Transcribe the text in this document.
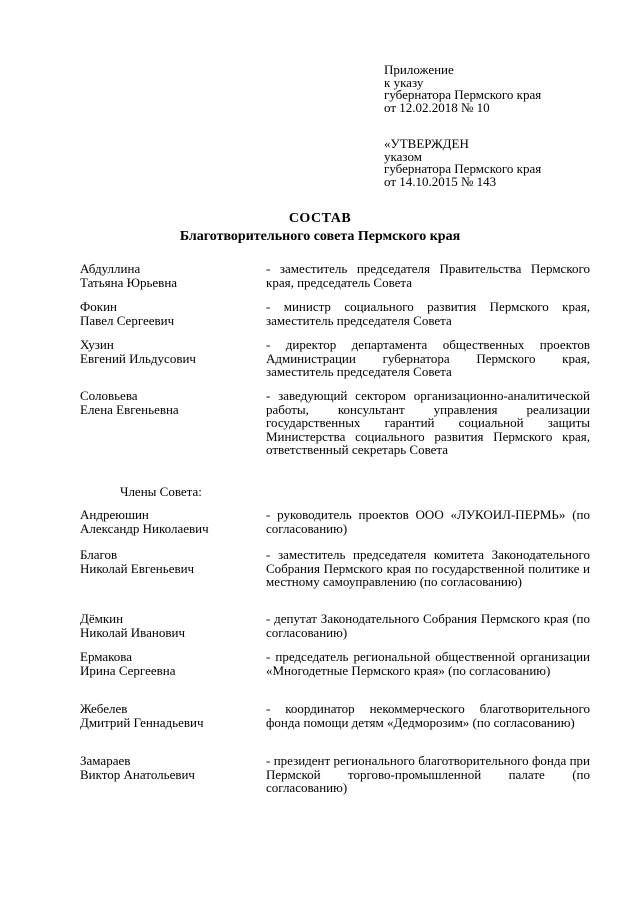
Приложение
к указу
губернатора Пермского края
от 12.02.2018 № 10
«УТВЕРЖДЕН
указом
губернатора Пермского края
от 14.10.2015 № 143
СОСТАВ
Благотворительного совета Пермского края
Абдуллина
Татьяна Юрьевна
- заместитель председателя Правительства Пермского края, председатель Совета
Фокин
Павел Сергеевич
- министр социального развития Пермского края, заместитель председателя Совета
Хузин
Евгений Ильдусович
- директор департамента общественных проектов Администрации губернатора Пермского края, заместитель председателя Совета
Соловьева
Елена Евгеньевна
- заведующий сектором организационно-аналитической работы, консультант управления реализации государственных гарантий социальной защиты Министерства социального развития Пермского края, ответственный секретарь Совета
Члены Совета:
Андреюшин
Александр Николаевич
- руководитель проектов ООО «ЛУКОИЛ-ПЕРМЬ» (по согласованию)
Благов
Николай Евгеньевич
- заместитель председателя комитета Законодательного Собрания Пермского края по государственной политике и местному самоуправлению (по согласованию)
Дёмкин
Николай Иванович
- депутат Законодательного Собрания Пермского края (по согласованию)
Ермакова
Ирина Сергеевна
- председатель региональной общественной организации «Многодетные Пермского края» (по согласованию)
Жебелев
Дмитрий Геннадьевич
- координатор некоммерческого благотворительного фонда помощи детям «Дедморозим» (по согласованию)
Замараев
Виктор Анатольевич
- президент регионального благотворительного фонда при Пермской торгово-промышленной палате (по согласованию)
